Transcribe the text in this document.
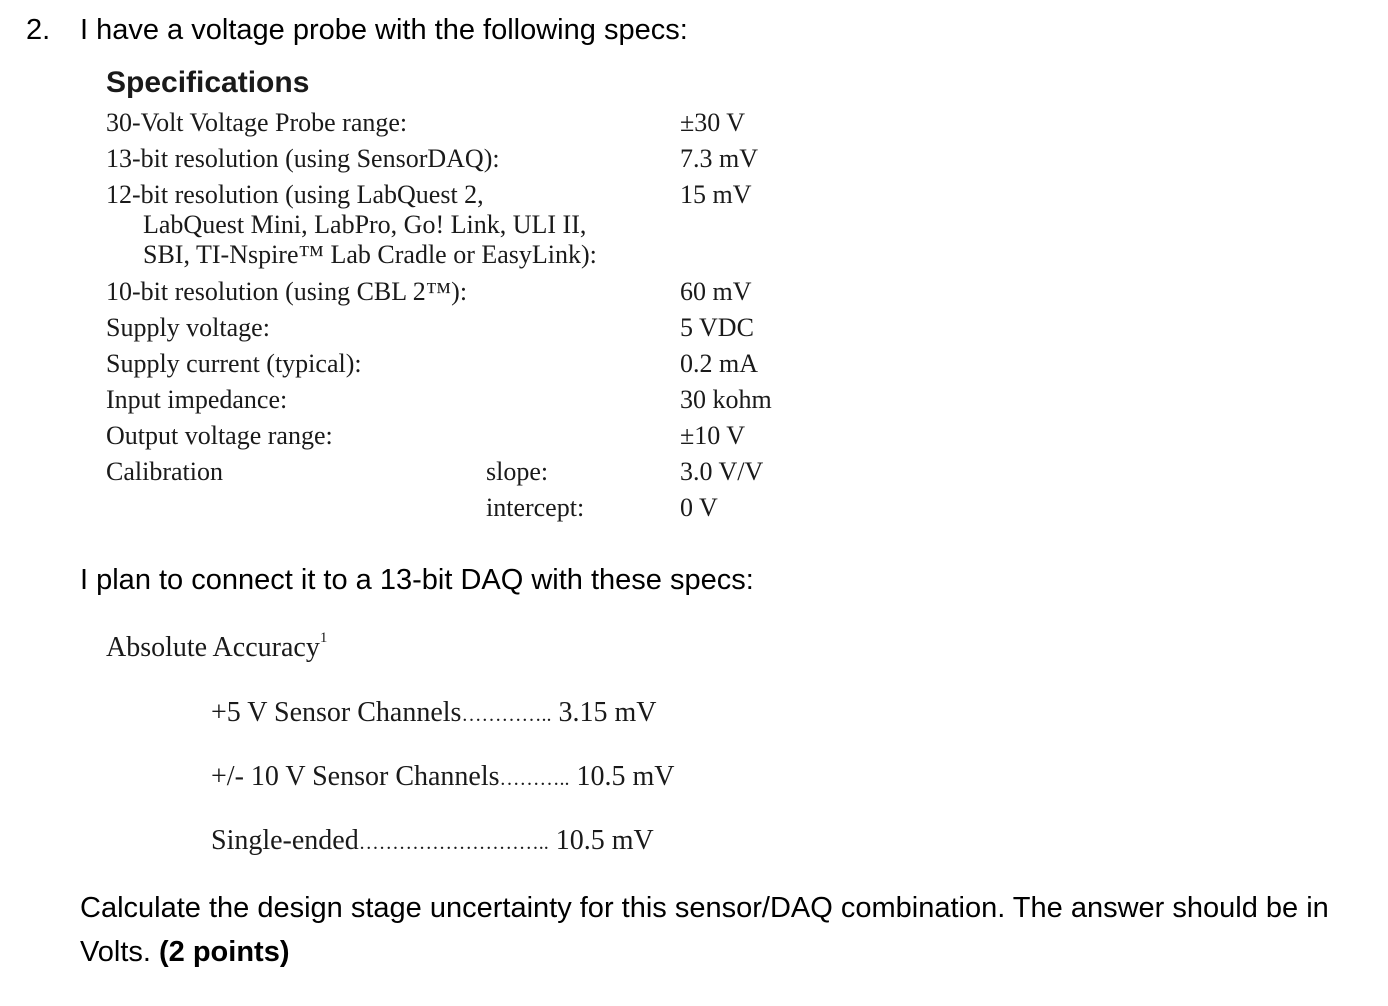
2. I have a voltage probe with the following specs:
Specifications
30-Volt Voltage Probe range:	±30 V
13-bit resolution (using SensorDAQ):	7.3 mV
12-bit resolution (using LabQuest 2,	15 mV
LabQuest Mini, LabPro, Go! Link, ULI II,
SBI, TI-Nspire™ Lab Cradle or EasyLink):
10-bit resolution (using CBL 2™):	60 mV
Supply voltage:	5 VDC
Supply current (typical):	0.2 mA
Input impedance:	30 kohm
Output voltage range:	±10 V
Calibration	slope:	3.0 V/V
intercept:	0 V
I plan to connect it to a 13-bit DAQ with these specs:
Absolute Accuracy$^1$
+5 V Sensor Channels………….. 3.15 mV
+/- 10 V Sensor Channels……….. 10.5 mV
Single-ended……………………….. 10.5 mV
Calculate the design stage uncertainty for this sensor/DAQ combination. The answer should be in Volts. (2 points)
